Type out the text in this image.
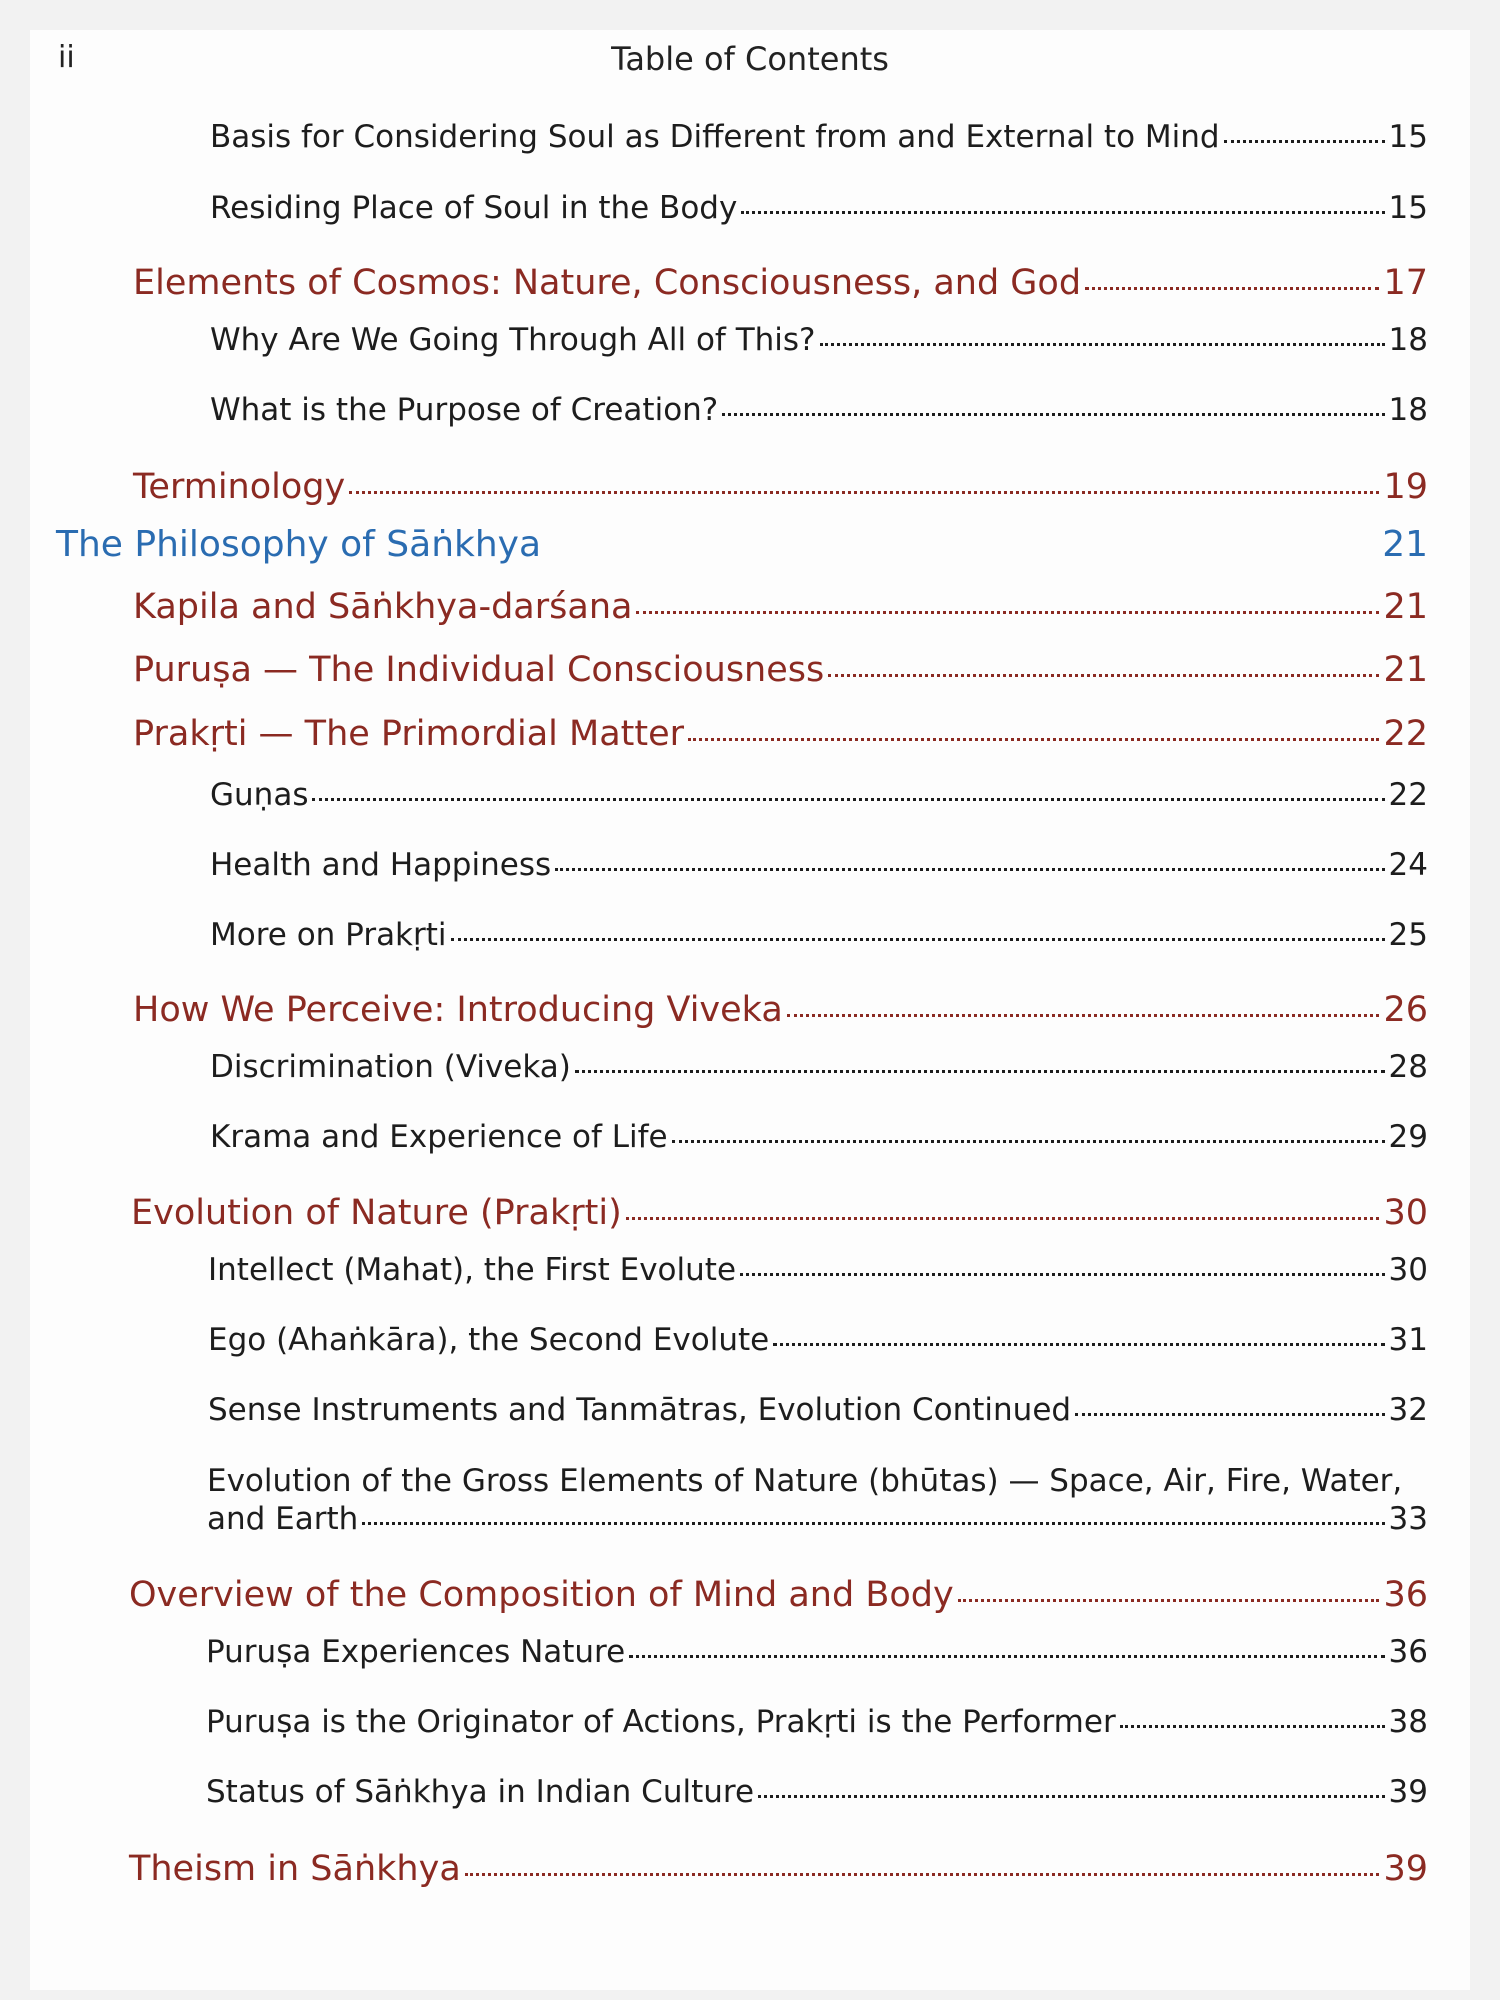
ii	Table of Contents
Basis for Considering Soul as Different from and External to Mind	15
Residing Place of Soul in the Body	15
Elements of Cosmos: Nature, Consciousness, and God	17
Why Are We Going Through All of This?	18
What is the Purpose of Creation?	18
Terminology	19
The Philosophy of Sāṅkhya	21
Kapila and Sāṅkhya-darśana	21
Puruṣa — The Individual Consciousness	21
Prakṛti — The Primordial Matter	22
Guṇas	22
Health and Happiness	24
More on Prakṛti	25
How We Perceive: Introducing Viveka	26
Discrimination (Viveka)	28
Krama and Experience of Life	29
Evolution of Nature (Prakṛti)	30
Intellect (Mahat), the First Evolute	30
Ego (Ahaṅkāra), the Second Evolute	31
Sense Instruments and Tanmātras, Evolution Continued	32
Evolution of the Gross Elements of Nature (bhūtas) — Space, Air, Fire, Water,
and Earth	33
Overview of the Composition of Mind and Body	36
Puruṣa Experiences Nature	36
Puruṣa is the Originator of Actions, Prakṛti is the Performer	38
Status of Sāṅkhya in Indian Culture	39
Theism in Sāṅkhya	39
